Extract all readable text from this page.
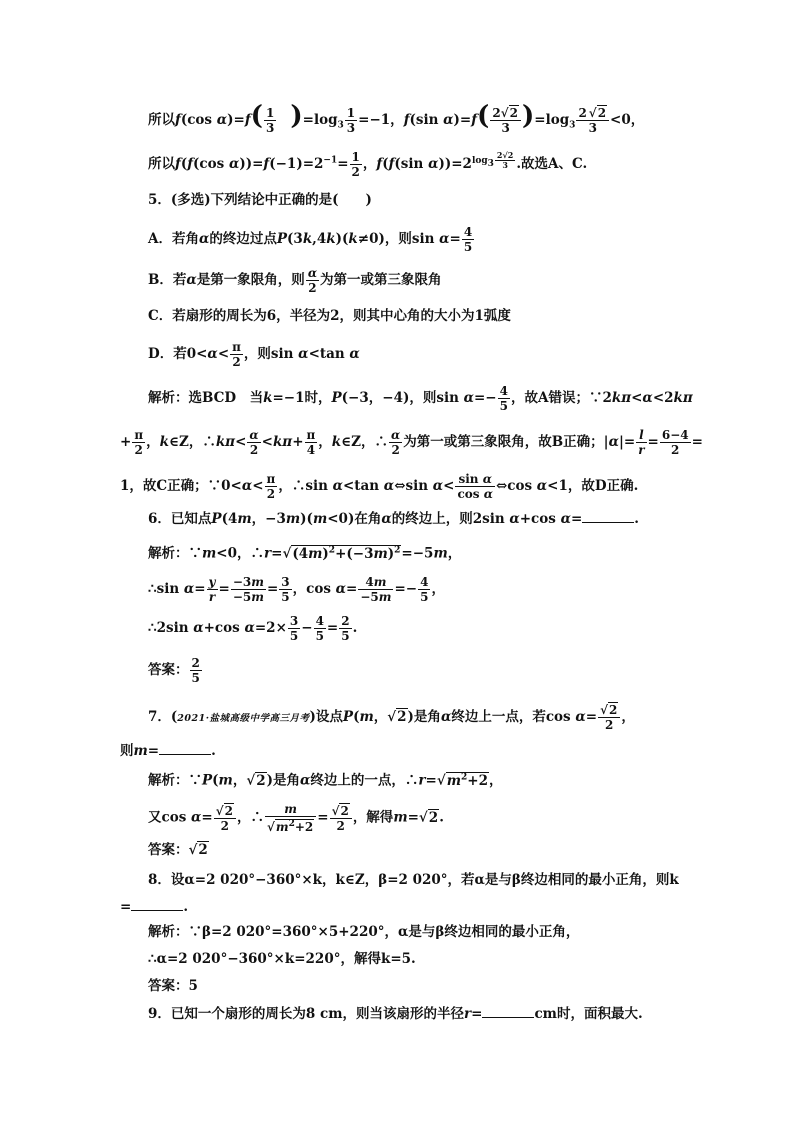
所以f(cos $\alpha)=f( \frac{1}{3}$    )$=\log_3 \frac{1}{3} =-1$，f(sin $\alpha)=f( \frac{2√2}{3} )=\log_3 \frac{2 √2}{3} <0$，
所以f(f(cos $\alpha))=f(-1)=2^{-1}= \frac{1}{2}$ ，f(f(sin $\alpha))=2^{log_3 \frac{2√2}{3}}$ .故选A、C.
5．(多选)下列结论中正确的是(　　)
A．若角α的终边过点P(3k,4k)(k≠0)，则$\sin \alpha= \frac{4}{5}$
B．若α是第一象限角，则 $\frac{\alpha}{2}$ 为第一或第三象限角
C．若扇形的周长为6，半径为2，则其中心角的大小为1弧度
D．若$0<\alpha< \frac{\pi}{2}$ ，则sin α<tan α
解析：选BCD　当k=−1时，P(−3，−4)，则$\sin \alpha=- \frac{4}{5}$ ，故A错误；∵2kπ<α<2kπ
+ $\frac{\pi}{2}$ ，k∈Z，∴kπ< $\frac{\alpha}{2} <k\pi+ \frac{\pi}{4}$ ，k∈Z，∴ $\frac{\alpha}{2}$ 为第一或第三象限角，故B正确；$|\alpha|= \frac{l}{r} = \frac{6-4}{2}$ =
1，故C正确；∵0<α< $\frac{\pi}{2}$ ，∴sin α<tan α⇔sin $\alpha< \frac{\text{sin α}}{\text{cos α}}$ ⇔cos α<1，故D正确.
6．已知点P(4m，−3m)(m<0)在角α的终边上，则2sin α+cos α=	.
解析：∵m<0，$\therefore r=√(4m)^2+(-3m)^2=-5m$，
∴sin $\alpha= \frac{y}{r} = \frac{-3m}{-5m} = \frac{3}{5}$ ，$\cos \alpha= \frac{4m}{-5m} =- \frac{4}{5}$ ，
∴2sin α+cos $\alpha=2\times \frac{3}{5} - \frac{4}{5} = \frac{2}{5}$ .
答案： $\frac{2}{5}$
7．(2021·盐城高级中学高三月考)设点P(m，√2)是角α终边上一点，若$\cos \alpha= \frac{√2}{2}$ ，
则m=	.
解析：∵P(m，√2)是角α终边上的一点，$\therefore r=√m^2+2$，
又$\cos \alpha= \frac{√2}{2}$ ，∴ $\frac{m}{√m^2+2} = \frac{√2}{2}$ ，解得m=√2.
答案：√2
8．设α=2 020°−360°×k，k∈Z，β=2 020°，若α是与β终边相同的最小正角，则k
=	.
解析：∵β=2 020°=360°×5+220°，α是与β终边相同的最小正角，
∴α=2 020°−360°×k=220°，解得k=5.
答案：5
9．已知一个扇形的周长为8 cm，则当该扇形的半径r=	cm时，面积最大.
